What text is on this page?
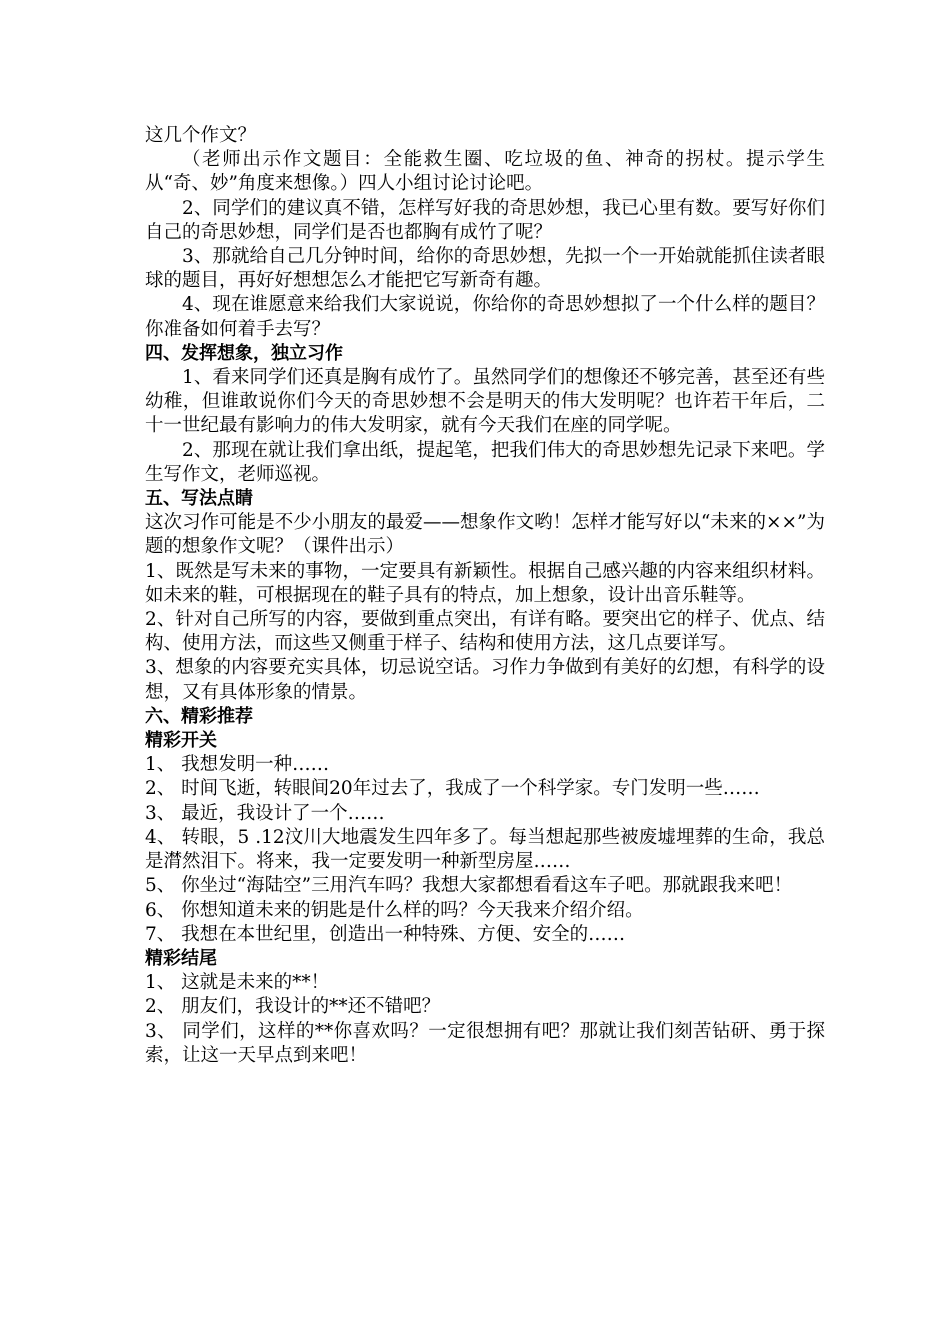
这几个作文？

（老师出示作文题目：全能救生圈、吃垃圾的鱼、神奇的拐杖。提示学生从“奇、妙”角度来想像。）四人小组讨论讨论吧。

2、同学们的建议真不错，怎样写好我的奇思妙想，我已心里有数。要写好你们自己的奇思妙想，同学们是否也都胸有成竹了呢？

3、那就给自己几分钟时间，给你的奇思妙想，先拟一个一开始就能抓住读者眼球的题目，再好好想想怎么才能把它写新奇有趣。

4、现在谁愿意来给我们大家说说，你给你的奇思妙想拟了一个什么样的题目？你准备如何着手去写？

四、发挥想象，独立习作

1、看来同学们还真是胸有成竹了。虽然同学们的想像还不够完善，甚至还有些幼稚，但谁敢说你们今天的奇思妙想不会是明天的伟大发明呢？也许若干年后，二十一世纪最有影响力的伟大发明家，就有今天我们在座的同学呢。

2、那现在就让我们拿出纸，提起笔，把我们伟大的奇思妙想先记录下来吧。学生写作文，老师巡视。

五、写法点睛

这次习作可能是不少小朋友的最爱——想象作文哟！怎样才能写好以“未来的××”为题的想象作文呢？（课件出示）

1、既然是写未来的事物，一定要具有新颖性。根据自己感兴趣的内容来组织材料。如未来的鞋，可根据现在的鞋子具有的特点，加上想象，设计出音乐鞋等。

2、针对自己所写的内容，要做到重点突出，有详有略。要突出它的样子、优点、结构、使用方法，而这些又侧重于样子、结构和使用方法，这几点要详写。

3、想象的内容要充实具体，切忌说空话。习作力争做到有美好的幻想，有科学的设想，又有具体形象的情景。

六、精彩推荐

精彩开关

1、 我想发明一种……

2、 时间飞逝，转眼间20年过去了，我成了一个科学家。专门发明一些……

3、 最近，我设计了一个……

4、 转眼，5 .12汶川大地震发生四年多了。每当想起那些被废墟埋葬的生命，我总是潸然泪下。将来，我一定要发明一种新型房屋……

5、 你坐过“海陆空”三用汽车吗？我想大家都想看看这车子吧。那就跟我来吧！

6、 你想知道未来的钥匙是什么样的吗？今天我来介绍介绍。

7、 我想在本世纪里，创造出一种特殊、方便、安全的……

精彩结尾

1、 这就是未来的**！

2、 朋友们，我设计的**还不错吧？

3、 同学们，这样的**你喜欢吗？一定很想拥有吧？那就让我们刻苦钻研、勇于探索，让这一天早点到来吧！
